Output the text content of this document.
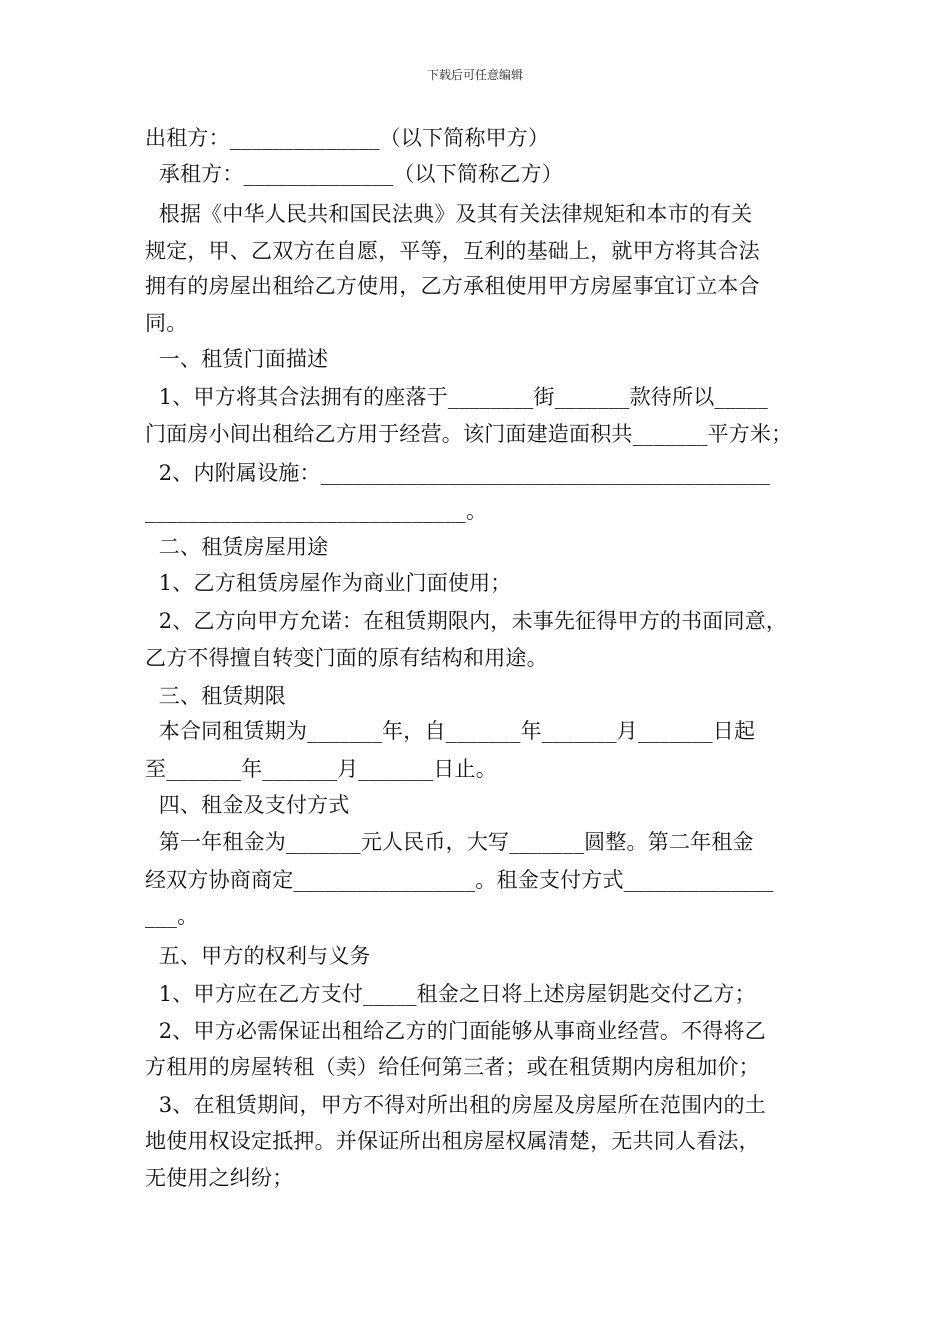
下载后可任意编辑
出租方：______________（以下简称甲方）
承租方：______________（以下简称乙方）
根据《中华人民共和国民法典》及其有关法律规矩和本市的有关
规定，甲、乙双方在自愿，平等，互利的基础上，就甲方将其合法
拥有的房屋出租给乙方使用，乙方承租使用甲方房屋事宜订立本合
同。
一、租赁门面描述
1、甲方将其合法拥有的座落于________街_______款待所以_____
门面房小间出租给乙方用于经营。该门面建造面积共_______平方米；
2、内附属设施：__________________________________________
______________________________。
二、租赁房屋用途
1、乙方租赁房屋作为商业门面使用；
2、乙方向甲方允诺：在租赁期限内，未事先征得甲方的书面同意，
乙方不得擅自转变门面的原有结构和用途。
三、租赁期限
本合同租赁期为_______年，自_______年_______月_______日起
至_______年_______月_______日止。
四、租金及支付方式
第一年租金为_______元人民币，大写_______圆整。第二年租金
经双方协商商定_________________。租金支付方式______________
___。
五、甲方的权利与义务
1、甲方应在乙方支付_____租金之日将上述房屋钥匙交付乙方；
2、甲方必需保证出租给乙方的门面能够从事商业经营。不得将乙
方租用的房屋转租（卖）给任何第三者；或在租赁期内房租加价；
3、在租赁期间，甲方不得对所出租的房屋及房屋所在范围内的土
地使用权设定抵押。并保证所出租房屋权属清楚，无共同人看法，
无使用之纠纷；
